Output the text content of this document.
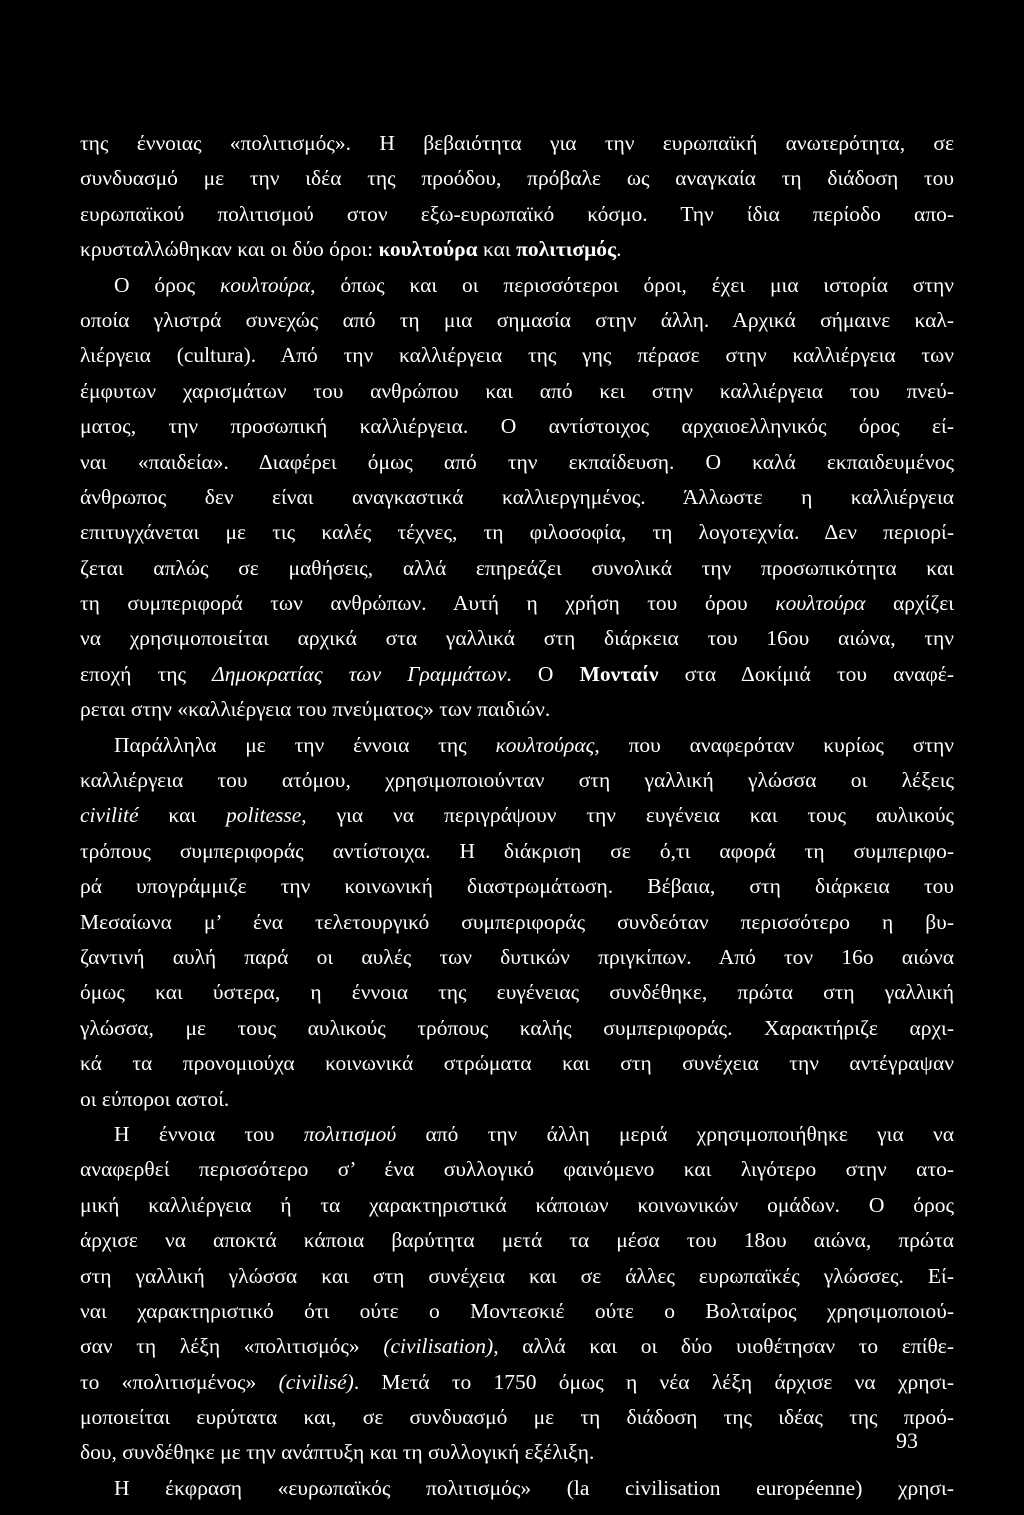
της έννοιας «πολιτισμός». Η βεβαιότητα για την ευρωπαϊκή ανωτερότητα, σε
συνδυασμό με την ιδέα της προόδου, πρόβαλε ως αναγκαία τη διάδοση του
ευρωπαϊκού πολιτισμού στον εξω-ευρωπαϊκό κόσμο. Την ίδια περίοδο απο-
κρυσταλλώθηκαν και οι δύο όροι: κουλτούρα και πολιτισμός.
Ο όρος κουλτούρα, όπως και οι περισσότεροι όροι, έχει μια ιστορία στην
οποία γλιστρά συνεχώς από τη μια σημασία στην άλλη. Αρχικά σήμαινε καλ-
λιέργεια (cultura). Από την καλλιέργεια της γης πέρασε στην καλλιέργεια των
έμφυτων χαρισμάτων του ανθρώπου και από κει στην καλλιέργεια του πνεύ-
ματος, την προσωπική καλλιέργεια. Ο αντίστοιχος αρχαιοελληνικός όρος εί-
ναι «παιδεία». Διαφέρει όμως από την εκπαίδευση. Ο καλά εκπαιδευμένος
άνθρωπος δεν είναι αναγκαστικά καλλιεργημένος. Άλλωστε η καλλιέργεια
επιτυγχάνεται με τις καλές τέχνες, τη φιλοσοφία, τη λογοτεχνία. Δεν περιορί-
ζεται απλώς σε μαθήσεις, αλλά επηρεάζει συνολικά την προσωπικότητα και
τη συμπεριφορά των ανθρώπων. Αυτή η χρήση του όρου κουλτούρα αρχίζει
να χρησιμοποιείται αρχικά στα γαλλικά στη διάρκεια του 16ου αιώνα, την
εποχή της Δημοκρατίας των Γραμμάτων. Ο Μονταίν στα Δοκίμιά του αναφέ-
ρεται στην «καλλιέργεια του πνεύματος» των παιδιών.
Παράλληλα με την έννοια της κουλτούρας, που αναφερόταν κυρίως στην
καλλιέργεια του ατόμου, χρησιμοποιούνταν στη γαλλική γλώσσα οι λέξεις
civilité και politesse, για να περιγράψουν την ευγένεια και τους αυλικούς
τρόπους συμπεριφοράς αντίστοιχα. Η διάκριση σε ό,τι αφορά τη συμπεριφο-
ρά υπογράμμιζε την κοινωνική διαστρωμάτωση. Βέβαια, στη διάρκεια του
Μεσαίωνα μ’ ένα τελετουργικό συμπεριφοράς συνδεόταν περισσότερο η βυ-
ζαντινή αυλή παρά οι αυλές των δυτικών πριγκίπων. Από τον 16ο αιώνα
όμως και ύστερα, η έννοια της ευγένειας συνδέθηκε, πρώτα στη γαλλική
γλώσσα, με τους αυλικούς τρόπους καλής συμπεριφοράς. Χαρακτήριζε αρχι-
κά τα προνομιούχα κοινωνικά στρώματα και στη συνέχεια την αντέγραψαν
οι εύποροι αστοί.
Η έννοια του πολιτισμού από την άλλη μεριά χρησιμοποιήθηκε για να
αναφερθεί περισσότερο σ’ ένα συλλογικό φαινόμενο και λιγότερο στην ατο-
μική καλλιέργεια ή τα χαρακτηριστικά κάποιων κοινωνικών ομάδων. Ο όρος
άρχισε να αποκτά κάποια βαρύτητα μετά τα μέσα του 18ου αιώνα, πρώτα
στη γαλλική γλώσσα και στη συνέχεια και σε άλλες ευρωπαϊκές γλώσσες. Εί-
ναι χαρακτηριστικό ότι ούτε ο Μοντεσκιέ ούτε ο Βολταίρος χρησιμοποιού-
σαν τη λέξη «πολιτισμός» (civilisation), αλλά και οι δύο υιοθέτησαν το επίθε-
το «πολιτισμένος» (civilisé). Μετά το 1750 όμως η νέα λέξη άρχισε να χρησι-
μοποιείται ευρύτατα και, σε συνδυασμό με τη διάδοση της ιδέας της προό-
δου, συνδέθηκε με την ανάπτυξη και τη συλλογική εξέλιξη.
Η έκφραση «ευρωπαϊκός πολιτισμός» (la civilisation européenne) χρησι-
93
